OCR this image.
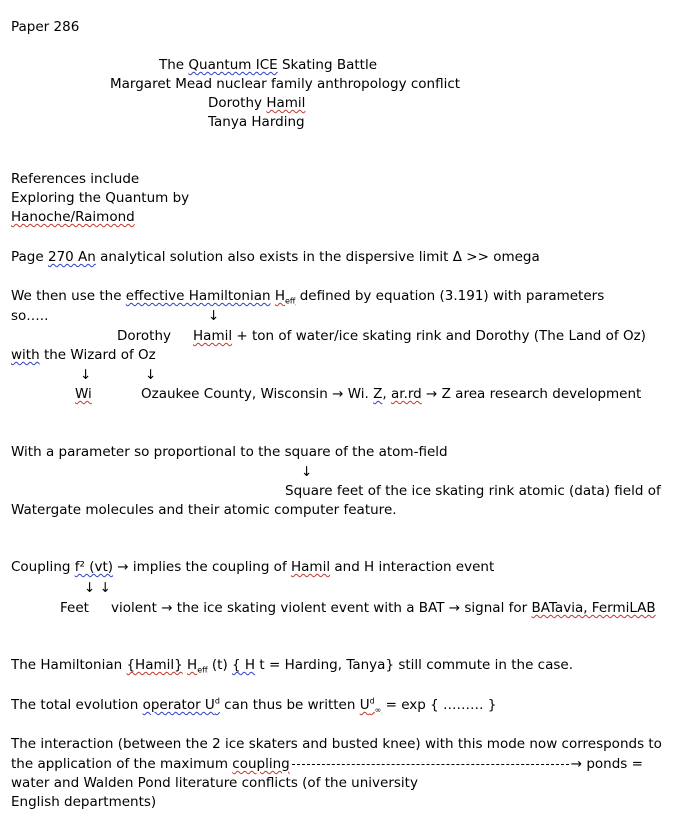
Paper 286
The Quantum ICE Skating Battle
Margaret Mead nuclear family anthropology conflict
Dorothy Hamil
Tanya Harding
References include
Exploring the Quantum by
Hanoche/Raimond
Page 270 An analytical solution also exists in the dispersive limit Δ >> omega
We then use the effective Hamiltonian $H_{eff}$ defined by equation (3.191) with parameters
so…..	↓
Dorothy Hamil + ton of water/ice skating rink and Dorothy (The Land of Oz)
with the Wizard of Oz
↓	↓
Wi	Ozaukee County, Wisconsin → Wi. Z, ar.rd → Z area research development
With a parameter so proportional to the square of the atom-field
↓
Square feet of the ice skating rink atomic (data) field of
Watergate molecules and their atomic computer feature.
Coupling f² (vt) → implies the coupling of Hamil and H interaction event
↓ ↓
Feet violent → the ice skating violent event with a BAT → signal for BATavia, FermiLAB
The Hamiltonian {Hamil} $H_{eff}$ (t) { H t = Harding, Tanya} still commute in the case.
The total evolution operator $U^d$ can thus be written $U^d_\infty = \exp$ { ……… }
The interaction (between the 2 ice skaters and busted knee) with this mode now corresponds to
the application of the maximum coupling	→ ponds =
water and Walden Pond literature conflicts (of the university
English departments)
